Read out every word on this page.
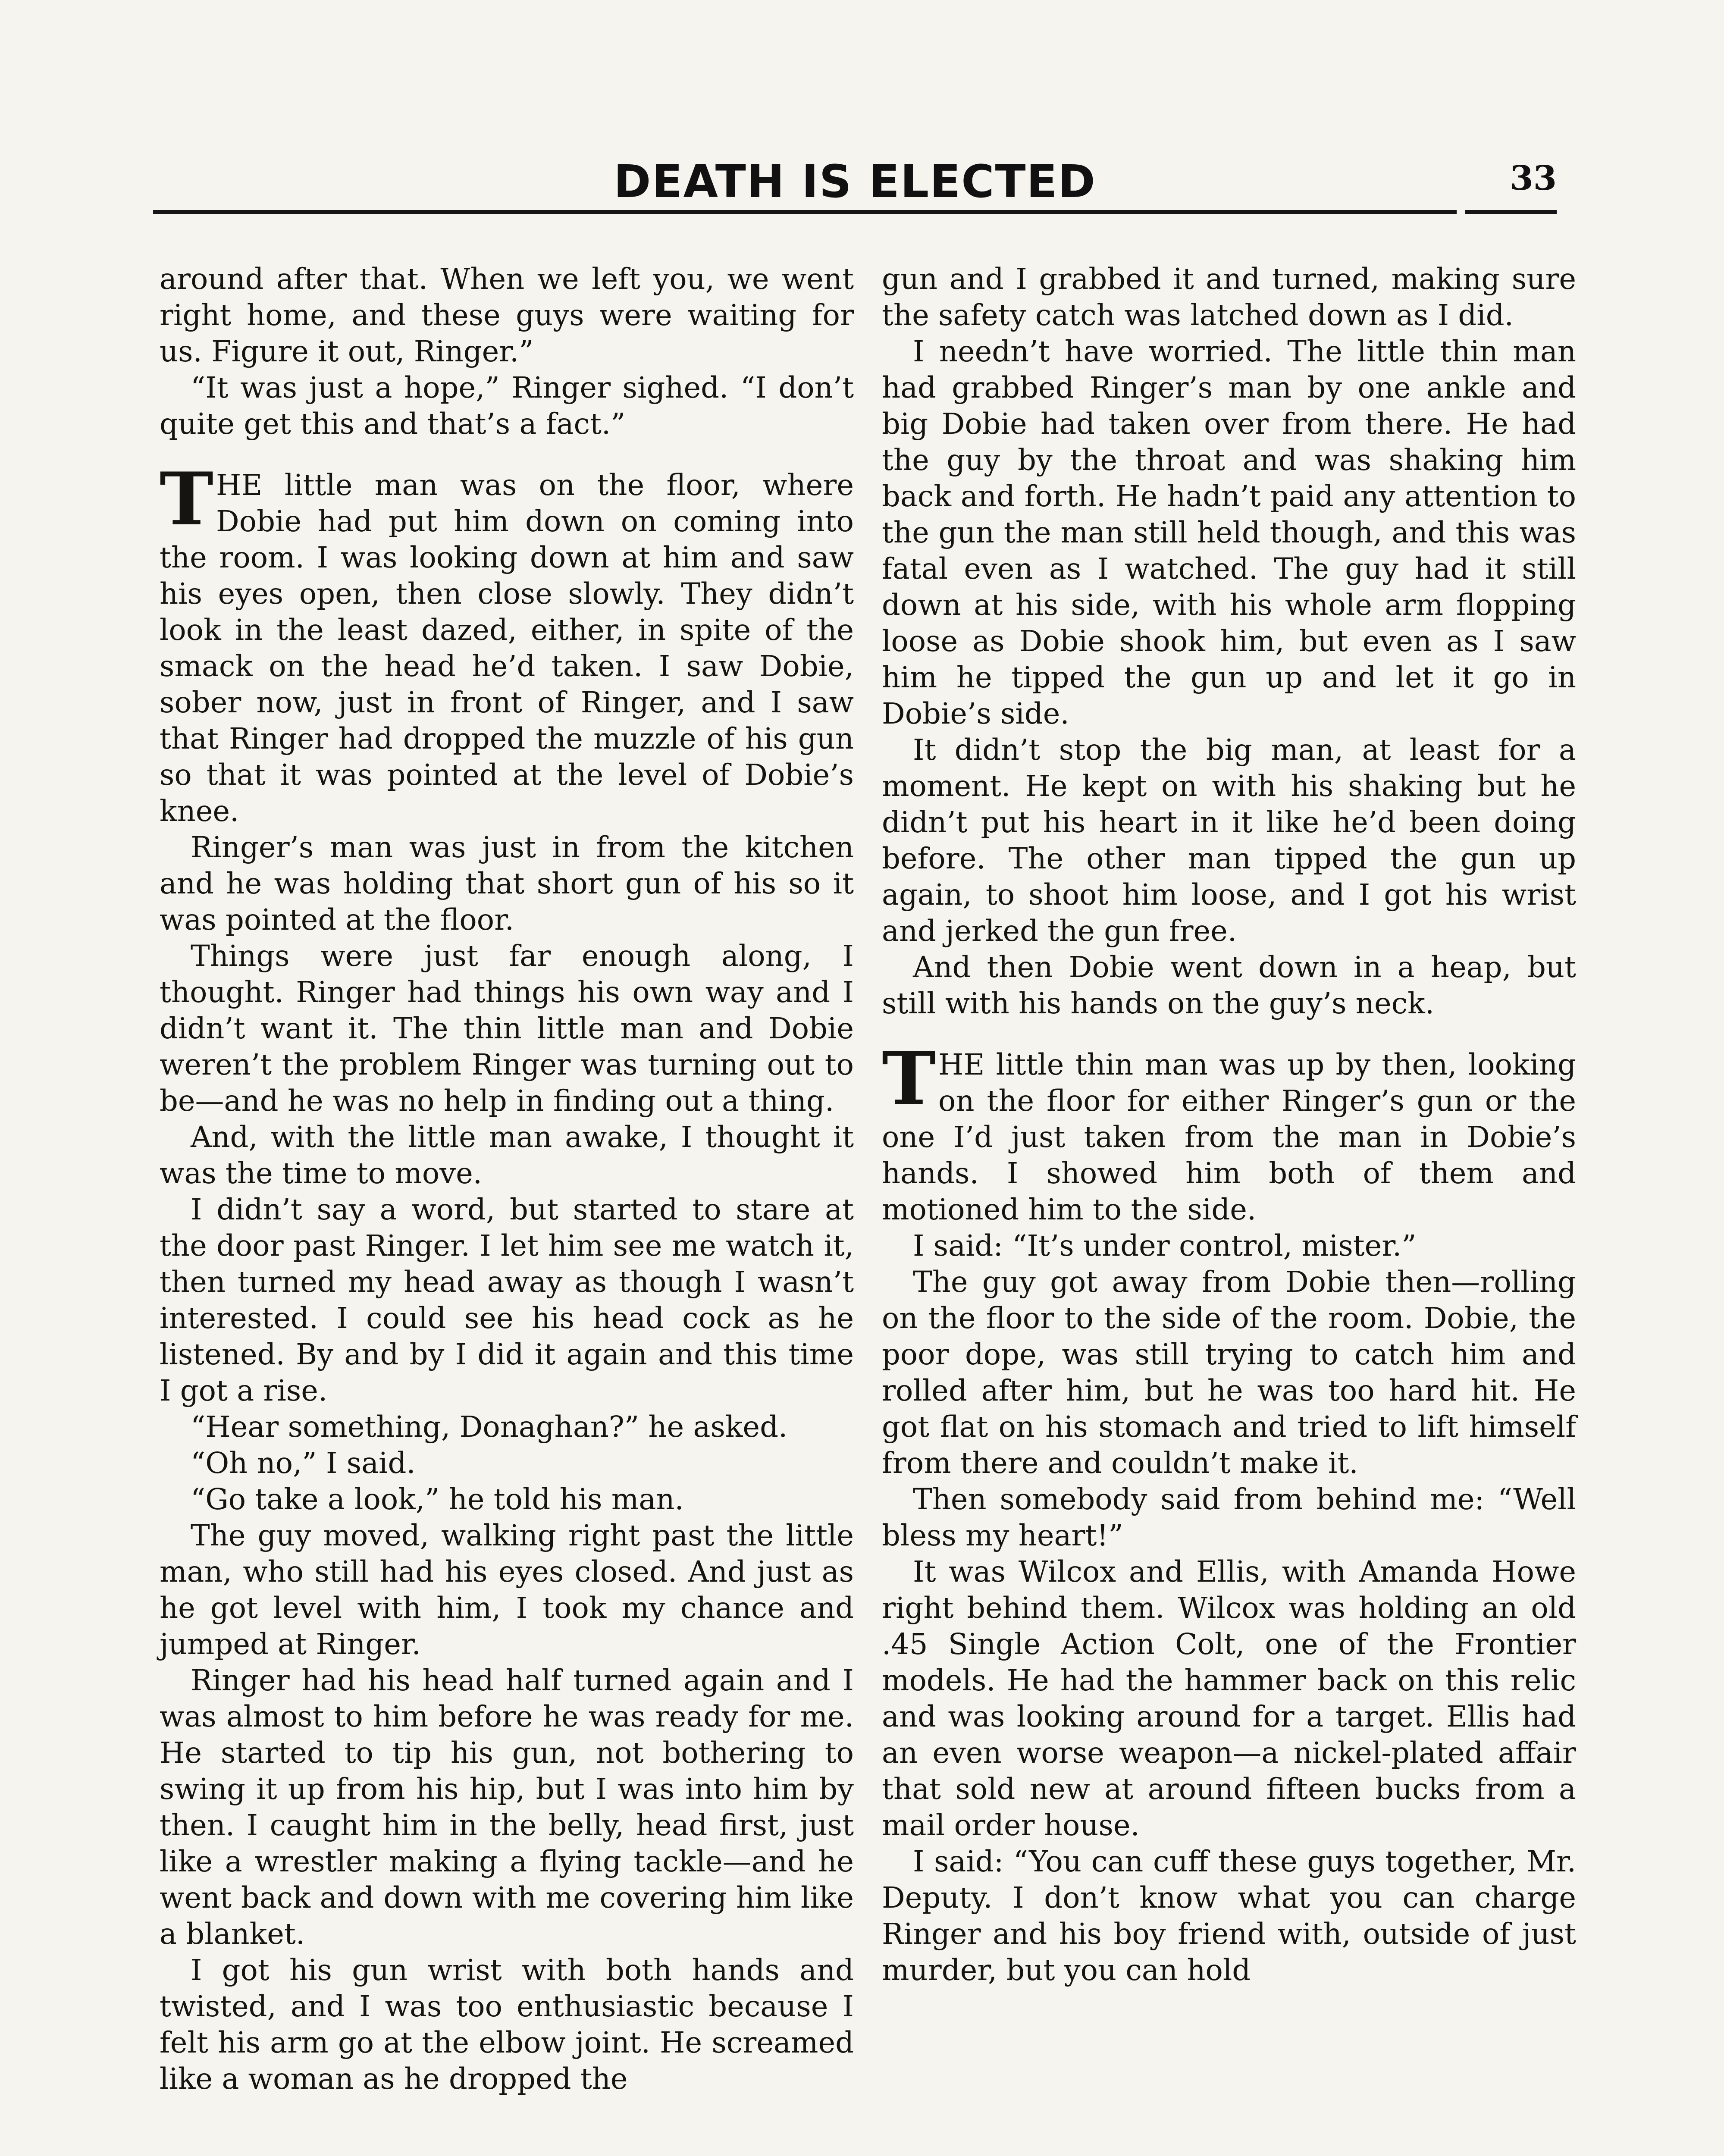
DEATH IS ELECTED	33

around after that. When we left you, we went right home, and these guys were waiting for us. Figure it out, Ringer.”

“It was just a hope,” Ringer sighed. “I don’t quite get this and that’s a fact.”

THE little man was on the floor, where Dobie had put him down on coming into the room. I was looking down at him and saw his eyes open, then close slowly. They didn’t look in the least dazed, either, in spite of the smack on the head he’d taken. I saw Dobie, sober now, just in front of Ringer, and I saw that Ringer had dropped the muzzle of his gun so that it was pointed at the level of Dobie’s knee.

Ringer’s man was just in from the kitchen and he was holding that short gun of his so it was pointed at the floor.

Things were just far enough along, I thought. Ringer had things his own way and I didn’t want it. The thin little man and Dobie weren’t the problem Ringer was turning out to be—and he was no help in finding out a thing.

And, with the little man awake, I thought it was the time to move.

I didn’t say a word, but started to stare at the door past Ringer. I let him see me watch it, then turned my head away as though I wasn’t interested. I could see his head cock as he listened. By and by I did it again and this time I got a rise.

“Hear something, Donaghan?” he asked.

“Oh no,” I said.

“Go take a look,” he told his man.

The guy moved, walking right past the little man, who still had his eyes closed. And just as he got level with him, I took my chance and jumped at Ringer.

Ringer had his head half turned again and I was almost to him before he was ready for me. He started to tip his gun, not bothering to swing it up from his hip, but I was into him by then. I caught him in the belly, head first, just like a wrestler making a flying tackle—and he went back and down with me covering him like a blanket.

I got his gun wrist with both hands and twisted, and I was too enthusiastic because I felt his arm go at the elbow joint. He screamed like a woman as he dropped the

gun and I grabbed it and turned, making sure the safety catch was latched down as I did.

I needn’t have worried. The little thin man had grabbed Ringer’s man by one ankle and big Dobie had taken over from there. He had the guy by the throat and was shaking him back and forth. He hadn’t paid any attention to the gun the man still held though, and this was fatal even as I watched. The guy had it still down at his side, with his whole arm flopping loose as Dobie shook him, but even as I saw him he tipped the gun up and let it go in Dobie’s side.

It didn’t stop the big man, at least for a moment. He kept on with his shaking but he didn’t put his heart in it like he’d been doing before. The other man tipped the gun up again, to shoot him loose, and I got his wrist and jerked the gun free.

And then Dobie went down in a heap, but still with his hands on the guy’s neck.

THE little thin man was up by then, looking on the floor for either Ringer’s gun or the one I’d just taken from the man in Dobie’s hands. I showed him both of them and motioned him to the side.

I said: “It’s under control, mister.”

The guy got away from Dobie then—rolling on the floor to the side of the room. Dobie, the poor dope, was still trying to catch him and rolled after him, but he was too hard hit. He got flat on his stomach and tried to lift himself from there and couldn’t make it.

Then somebody said from behind me: “Well bless my heart!”

It was Wilcox and Ellis, with Amanda Howe right behind them. Wilcox was holding an old .45 Single Action Colt, one of the Frontier models. He had the hammer back on this relic and was looking around for a target. Ellis had an even worse weapon—a nickel-plated affair that sold new at around fifteen bucks from a mail order house.

I said: “You can cuff these guys together, Mr. Deputy. I don’t know what you can charge Ringer and his boy friend with, outside of just murder, but you can hold
